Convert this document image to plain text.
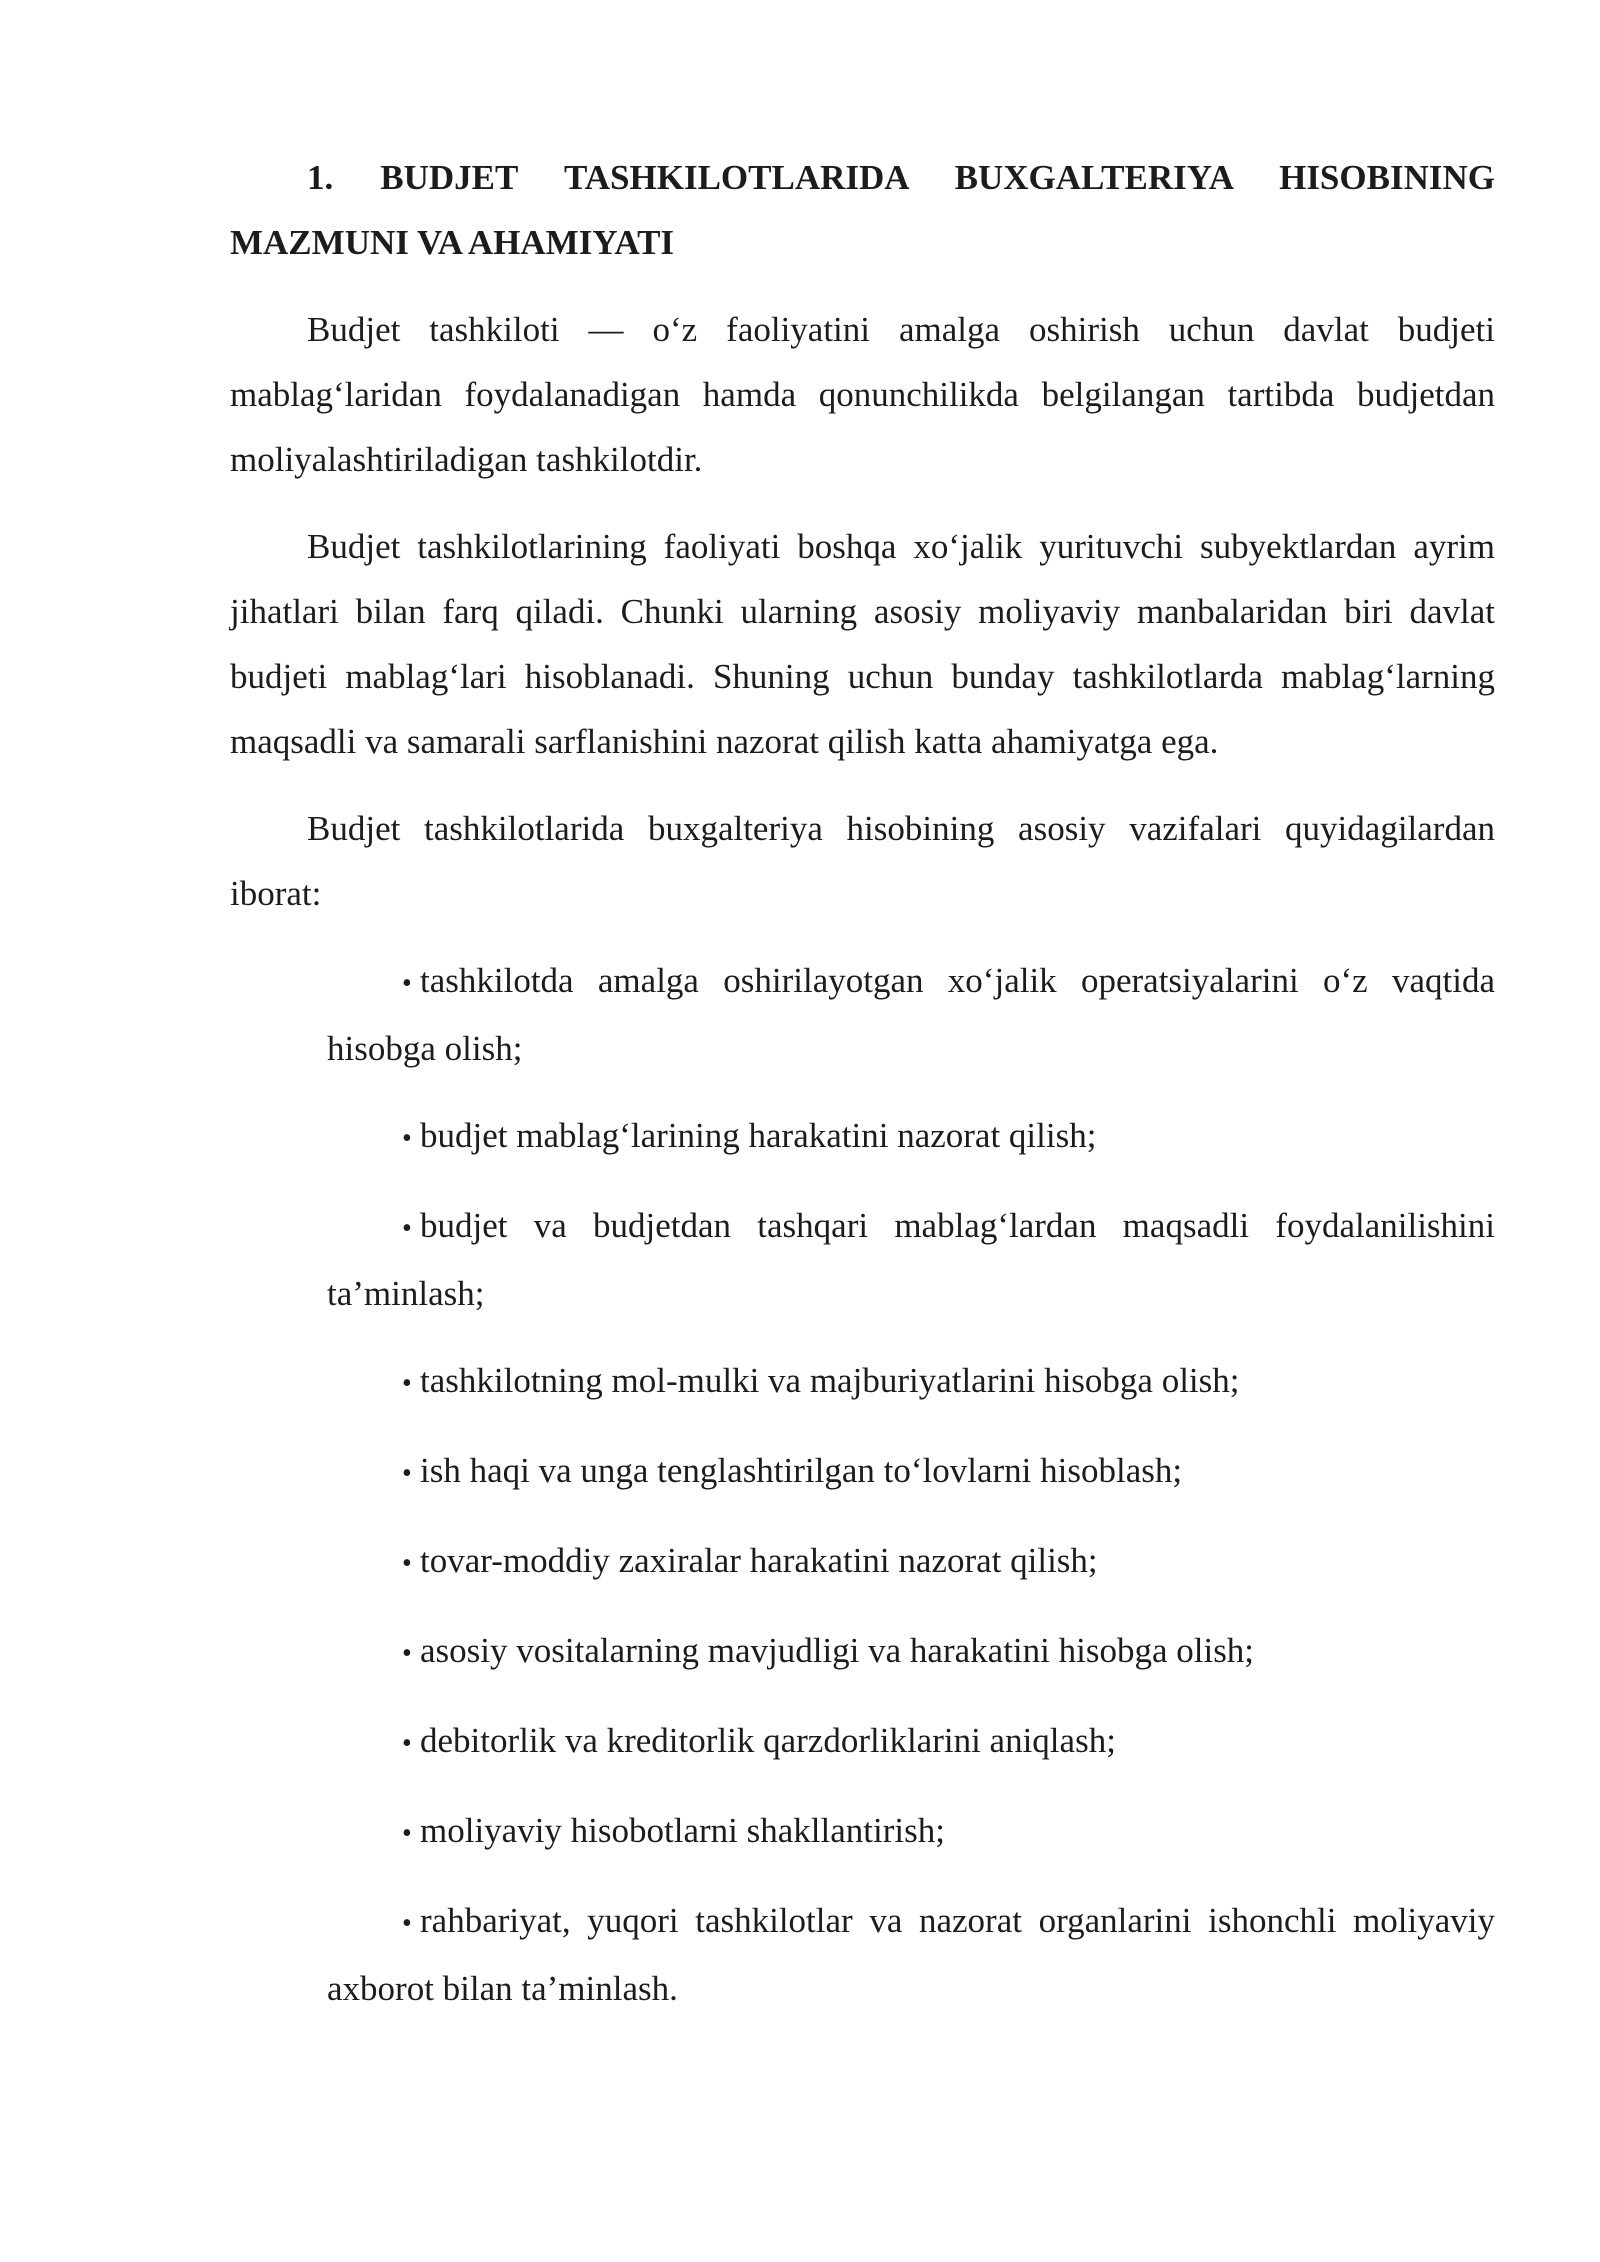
1. BUDJET TASHKILOTLARIDA BUXGALTERIYA HISOBINING MAZMUNI VA AHAMIYATI

Budjet tashkiloti — o‘z faoliyatini amalga oshirish uchun davlat budjeti mablag‘laridan foydalanadigan hamda qonunchilikda belgilangan tartibda budjetdan moliyalashtiriladigan tashkilotdir.

Budjet tashkilotlarining faoliyati boshqa xo‘jalik yurituvchi subyektlardan ayrim jihatlari bilan farq qiladi. Chunki ularning asosiy moliyaviy manbalaridan biri davlat budjeti mablag‘lari hisoblanadi. Shuning uchun bunday tashkilotlarda mablag‘larning maqsadli va samarali sarflanishini nazorat qilish katta ahamiyatga ega.

Budjet tashkilotlarida buxgalteriya hisobining asosiy vazifalari quyidagilardan iborat:

• tashkilotda amalga oshirilayotgan xo‘jalik operatsiyalarini o‘z vaqtida hisobga olish;
• budjet mablag‘larining harakatini nazorat qilish;
• budjet va budjetdan tashqari mablag‘lardan maqsadli foydalanilishini ta’minlash;
• tashkilotning mol-mulki va majburiyatlarini hisobga olish;
• ish haqi va unga tenglashtirilgan to‘lovlarni hisoblash;
• tovar-moddiy zaxiralar harakatini nazorat qilish;
• asosiy vositalarning mavjudligi va harakatini hisobga olish;
• debitorlik va kreditorlik qarzdorliklarini aniqlash;
• moliyaviy hisobotlarni shakllantirish;
• rahbariyat, yuqori tashkilotlar va nazorat organlarini ishonchli moliyaviy axborot bilan ta’minlash.
